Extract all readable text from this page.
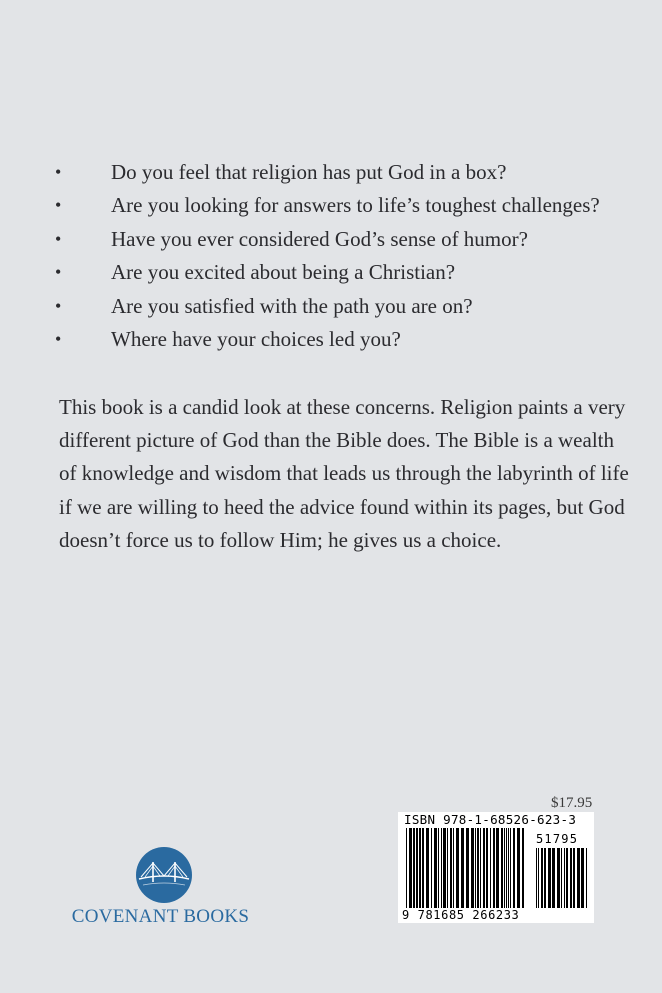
• Do you feel that religion has put God in a box?
• Are you looking for answers to life’s toughest challenges?
• Have you ever considered God’s sense of humor?
• Are you excited about being a Christian?
• Are you satisfied with the path you are on?
• Where have your choices led you?
This book is a candid look at these concerns. Religion paints a very
different picture of God than the Bible does. The Bible is a wealth
of knowledge and wisdom that leads us through the labyrinth of life
if we are willing to heed the advice found within its pages, but God
doesn’t force us to follow Him; he gives us a choice.
COVENANT BOOKS
$17.95
ISBN 978-1-68526-623-3
51795
9 781685 266233
